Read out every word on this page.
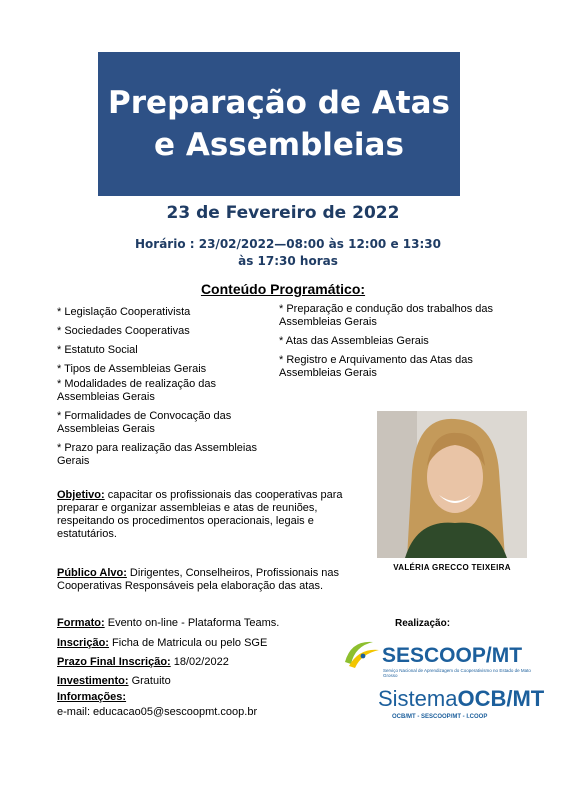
Preparação de Atas
e Assembleias
23 de Fevereiro de 2022
Horário : 23/02/2022—08:00 às 12:00 e 13:30 às 17:30 horas
Conteúdo Programático:
* Legislação Cooperativista
* Sociedades Cooperativas
* Estatuto Social
* Tipos de Assembleias Gerais
* Modalidades de realização das Assembleias Gerais
* Formalidades de Convocação das Assembleias Gerais
* Prazo para realização das Assembleias Gerais
* Preparação e condução dos trabalhos das Assembleias Gerais
* Atas das Assembleias Gerais
* Registro e Arquivamento das Atas das Assembleias Gerais
VALÉRIA GRECCO TEIXEIRA
Objetivo: capacitar os profissionais das cooperativas para preparar e organizar assembleias e atas de reuniões, respeitando os procedimentos operacionais, legais e estatutários.
Público Alvo: Dirigentes, Conselheiros, Profissionais nas Cooperativas Responsáveis pela elaboração das atas.
Formato: Evento on-line - Plataforma Teams.
Inscrição: Ficha de Matricula ou pelo SGE
Prazo Final Inscrição: 18/02/2022
Investimento: Gratuito
Informações:
e-mail: educacao05@sescoopmt.coop.br
Realização:
SESCOOP/MT
Serviço Nacional de Aprendizagem do Cooperativismo no Estado de Mato Grosso
SistemaOCB/MT
OCB/MT - SESCOOP/MT - I.COOP
